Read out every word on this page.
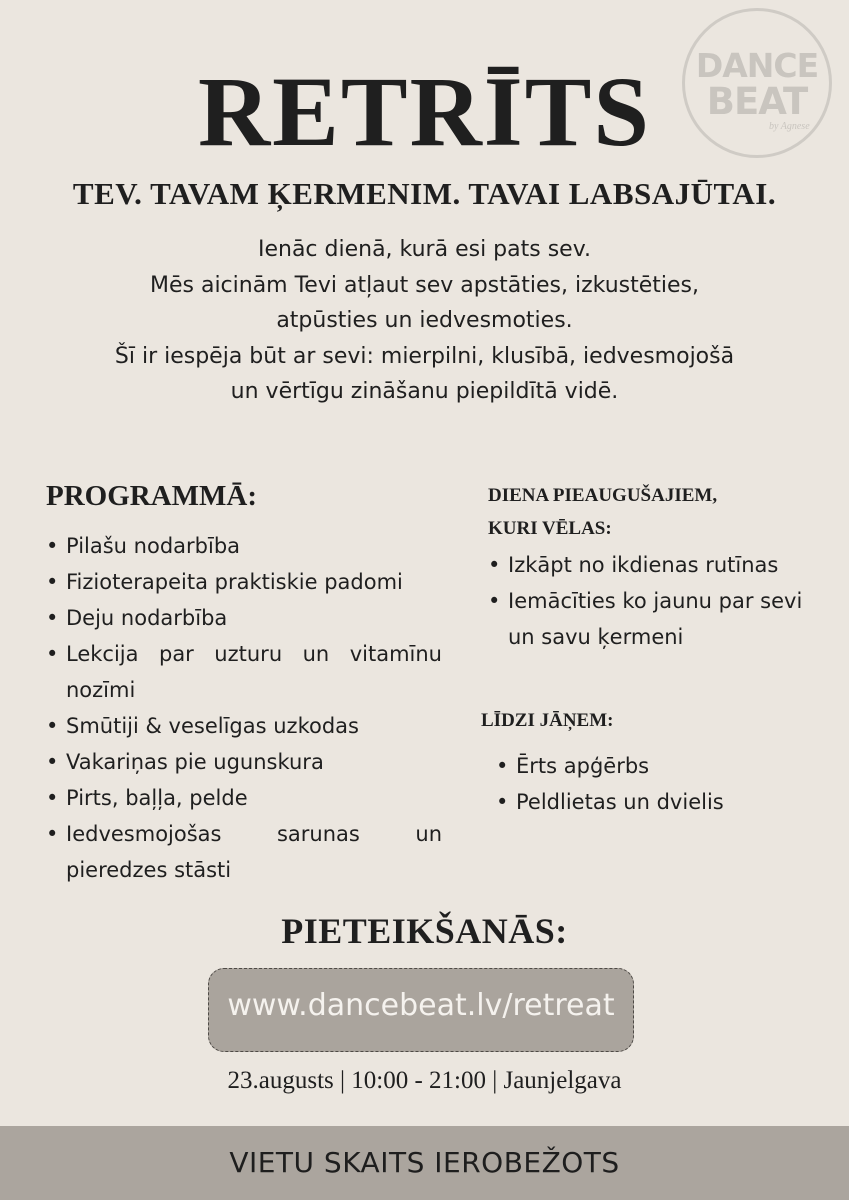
DANCE
BEAT
by Agnese
RETRĪTS
TEV. TAVAM ĶERMENIM. TAVAI LABSAJŪTAI.
Ienāc dienā, kurā esi pats sev.
Mēs aicinām Tevi atļaut sev apstāties, izkustēties,
atpūsties un iedvesmoties.
Šī ir iespēja būt ar sevi: mierpilni, klusībā, iedvesmojošā
un vērtīgu zināšanu piepildītā vidē.
PROGRAMMĀ:
• Pilašu nodarbība
• Fizioterapeita praktiskie padomi
• Deju nodarbība
• Lekcija par uzturu un vitamīnu
nozīmi
• Smūtiji & veselīgas uzkodas
• Vakariņas pie ugunskura
• Pirts, baļļa, pelde
• Iedvesmojošas sarunas un
pieredzes stāsti
DIENA PIEAUGUŠAJIEM,
KURI VĒLAS:
• Izkāpt no ikdienas rutīnas
• Iemācīties ko jaunu par sevi
un savu ķermeni
LĪDZI JĀŅEM:
• Ērts apģērbs
• Peldlietas un dvielis
PIETEIKŠANĀS:
www.dancebeat.lv/retreat
23.augusts | 10:00 - 21:00 | Jaunjelgava
VIETU SKAITS IEROBEŽOTS
